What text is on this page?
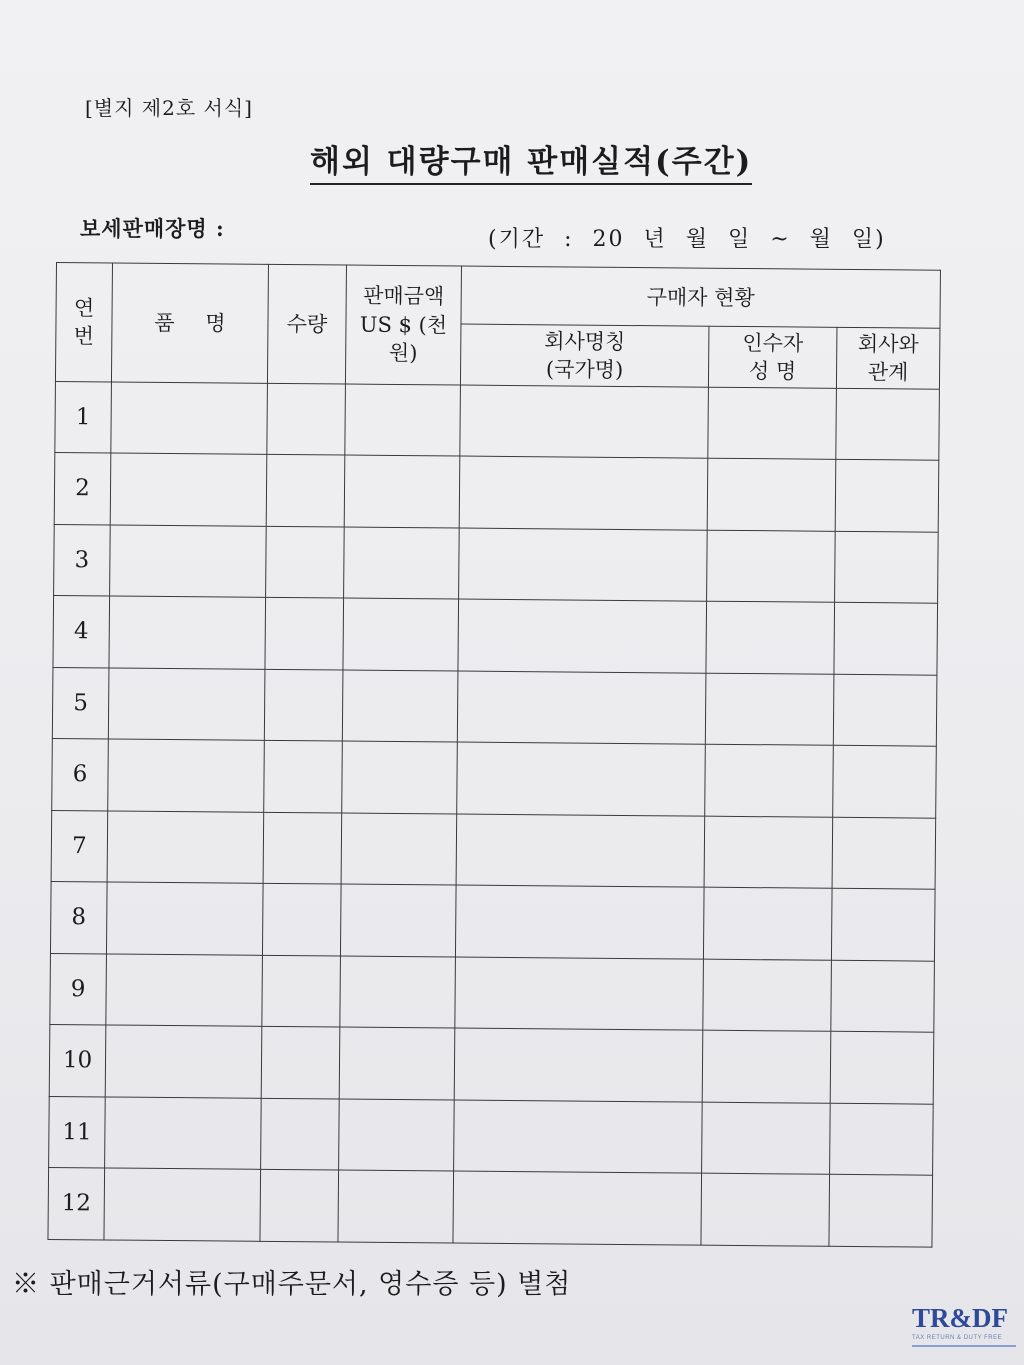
[별지 제2호 서식]
해외 대량구매 판매실적(주간)
보세판매장명 :	(기간 : 20 년 월 일 ~ 월 일)
연 번	품 명	수량	판매금액 US $ (천원)	구매자 현황		
				회사명칭 (국가명)	인수자 성 명	회사와 관계
1						
2						
3						
4						
5						
6						
7						
8						
9						
10						
11						
12						
※ 판매근거서류(구매주문서, 영수증 등) 별첨
TR&DF
TAX RETURN & DUTY FREE
